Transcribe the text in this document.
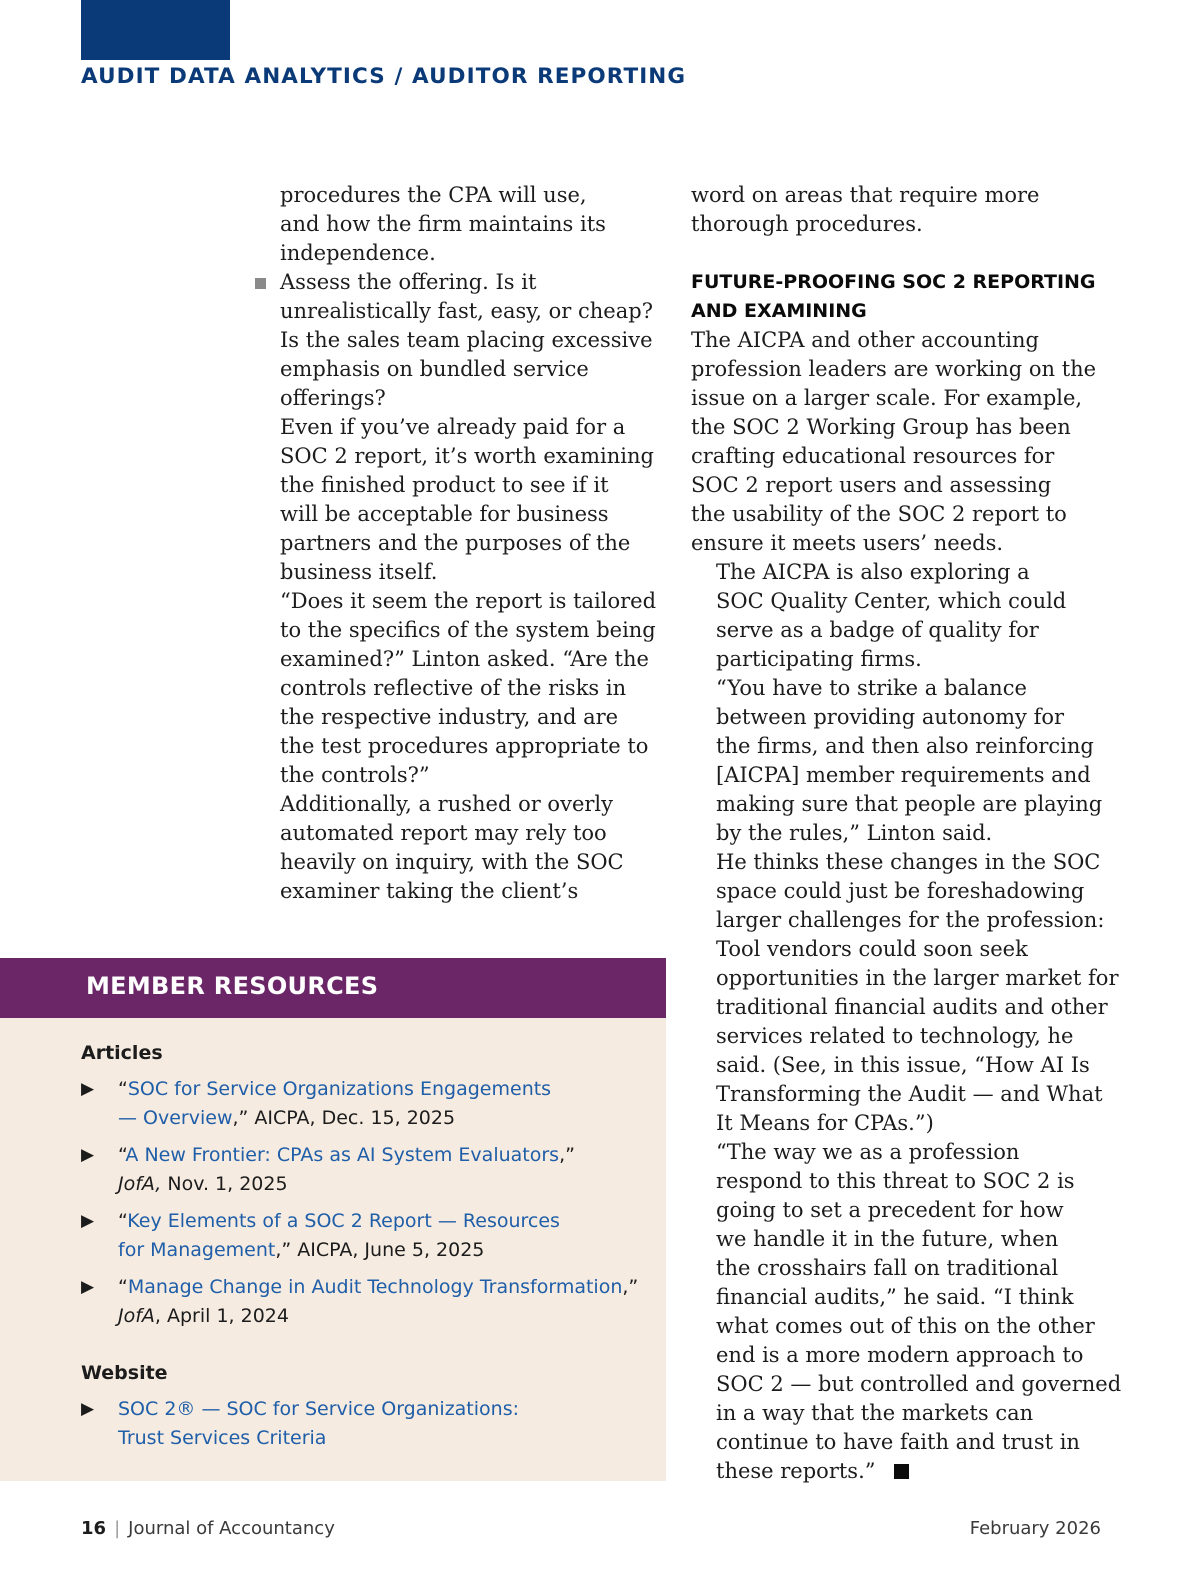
AUDIT DATA ANALYTICS / AUDITOR REPORTING
procedures the CPA will use,
and how the firm maintains its
independence.
Assess the offering. Is it
unrealistically fast, easy, or cheap?
Is the sales team placing excessive
emphasis on bundled service
offerings?

Even if you’ve already paid for a
SOC 2 report, it’s worth examining
the finished product to see if it
will be acceptable for business
partners and the purposes of the
business itself.

“Does it seem the report is tailored
to the specifics of the system being
examined?” Linton asked. “Are the
controls reflective of the risks in
the respective industry, and are
the test procedures appropriate to
the controls?”

Additionally, a rushed or overly
automated report may rely too
heavily on inquiry, with the SOC
examiner taking the client’s

word on areas that require more
thorough procedures.

FUTURE-PROOFING SOC 2 REPORTING
AND EXAMINING

The AICPA and other accounting
profession leaders are working on the
issue on a larger scale. For example,
the SOC 2 Working Group has been
crafting educational resources for
SOC 2 report users and assessing
the usability of the SOC 2 report to
ensure it meets users’ needs.

The AICPA is also exploring a
SOC Quality Center, which could
serve as a badge of quality for
participating firms.

“You have to strike a balance
between providing autonomy for
the firms, and then also reinforcing
[AICPA] member requirements and
making sure that people are playing
by the rules,” Linton said.

He thinks these changes in the SOC
space could just be foreshadowing
larger challenges for the profession:
Tool vendors could soon seek
opportunities in the larger market for
traditional financial audits and other
services related to technology, he
said. (See, in this issue, “How AI Is
Transforming the Audit — and What
It Means for CPAs.”)

“The way we as a profession
respond to this threat to SOC 2 is
going to set a precedent for how
we handle it in the future, when
the crosshairs fall on traditional
financial audits,” he said. “I think
what comes out of this on the other
end is a more modern approach to
SOC 2 — but controlled and governed
in a way that the markets can
continue to have faith and trust in
these reports.”

MEMBER RESOURCES
Articles
▶ “SOC for Service Organizations Engagements
— Overview,” AICPA, Dec. 15, 2025
▶ “A New Frontier: CPAs as AI System Evaluators,”
JofA, Nov. 1, 2025
▶ “Key Elements of a SOC 2 Report — Resources
for Management,” AICPA, June 5, 2025
▶ “Manage Change in Audit Technology Transformation,”
JofA, April 1, 2024
Website
▶ SOC 2® — SOC for Service Organizations:
Trust Services Criteria
16 | Journal of Accountancy	February 2026
